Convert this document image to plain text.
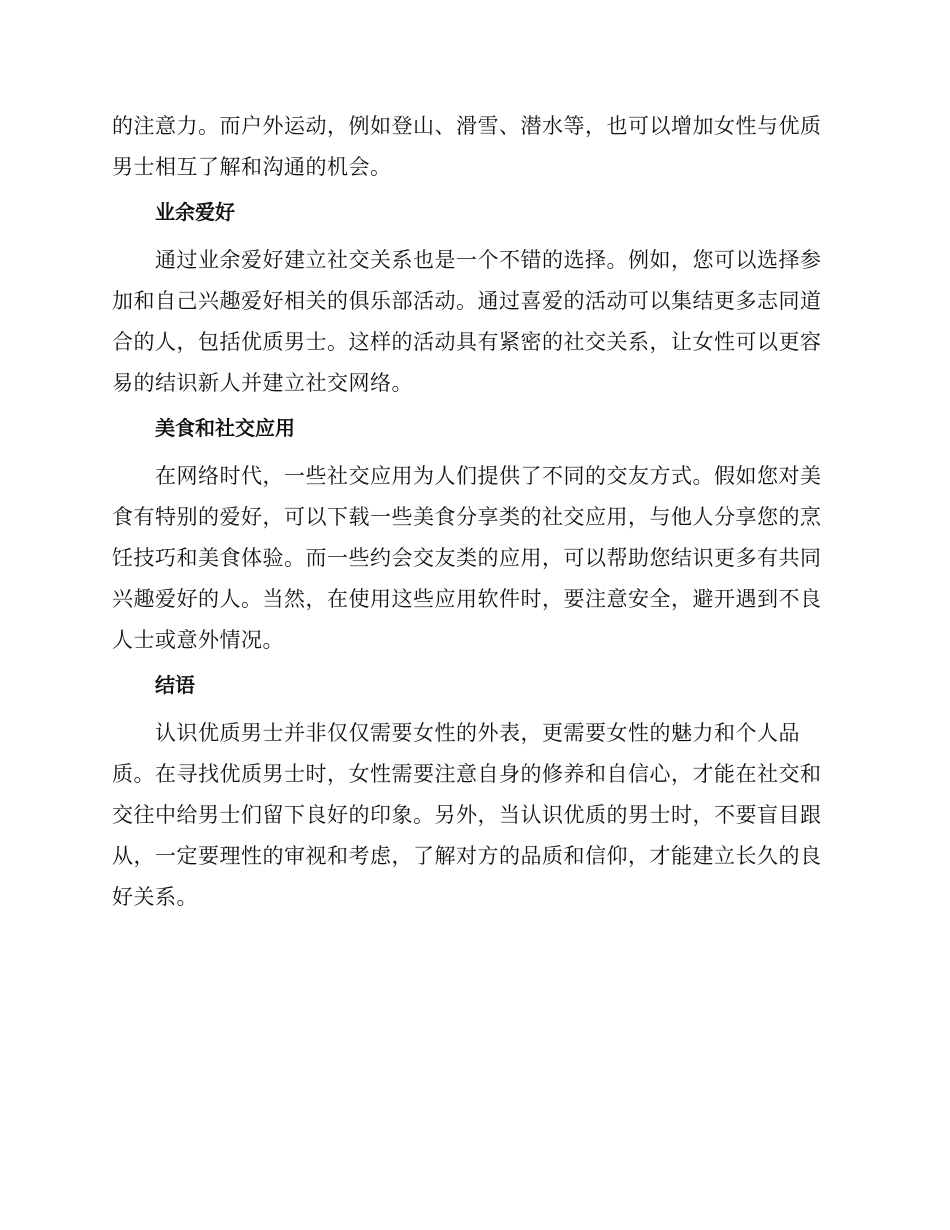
的注意力。而户外运动，例如登山、滑雪、潜水等，也可以增加女性与优质
男士相互了解和沟通的机会。

业余爱好

　　通过业余爱好建立社交关系也是一个不错的选择。例如，您可以选择参
加和自己兴趣爱好相关的俱乐部活动。通过喜爱的活动可以集结更多志同道
合的人，包括优质男士。这样的活动具有紧密的社交关系，让女性可以更容
易的结识新人并建立社交网络。

美食和社交应用

　　在网络时代，一些社交应用为人们提供了不同的交友方式。假如您对美
食有特别的爱好，可以下载一些美食分享类的社交应用，与他人分享您的烹
饪技巧和美食体验。而一些约会交友类的应用，可以帮助您结识更多有共同
兴趣爱好的人。当然，在使用这些应用软件时，要注意安全，避开遇到不良
人士或意外情况。

结语

　　认识优质男士并非仅仅需要女性的外表，更需要女性的魅力和个人品
质。在寻找优质男士时，女性需要注意自身的修养和自信心，才能在社交和
交往中给男士们留下良好的印象。另外，当认识优质的男士时，不要盲目跟
从，一定要理性的审视和考虑，了解对方的品质和信仰，才能建立长久的良
好关系。
